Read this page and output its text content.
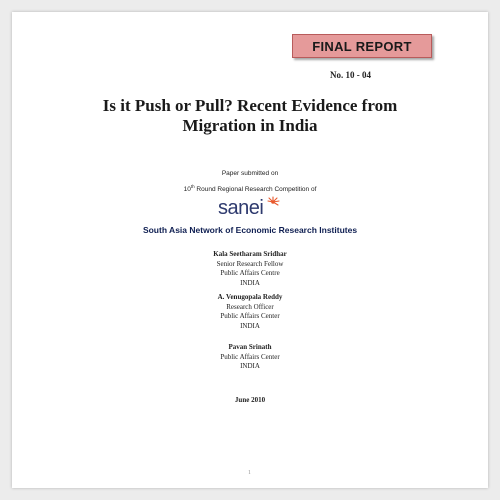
FINAL REPORT
No. 10 - 04
Is it Push or Pull? Recent Evidence from
Migration in India
Paper submitted on
10th Round Regional Research Competition of
sanei
South Asia Network of Economic Research Institutes
Kala Seetharam Sridhar
Senior Research Fellow
Public Affairs Centre
INDIA
A. Venugopala Reddy
Research Officer
Public Affairs Center
INDIA
Pavan Srinath
Public Affairs Center
INDIA
June 2010
1
